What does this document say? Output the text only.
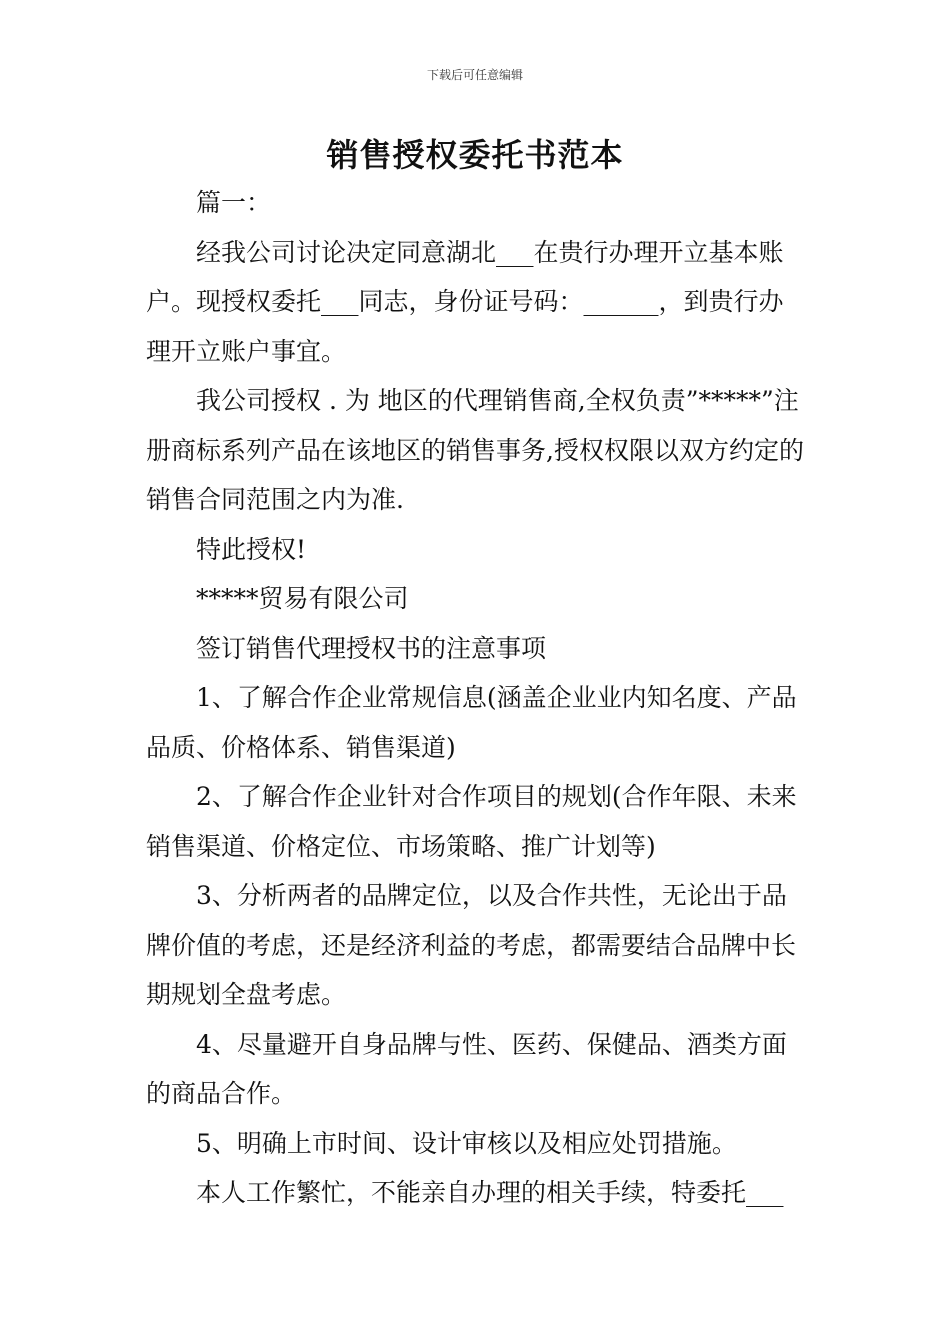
下载后可任意编辑
销售授权委托书范本

篇一：

经我公司讨论决定同意湖北___在贵行办理开立基本账户。现授权委托___同志，身份证号码：______，到贵行办理开立账户事宜。

我公司授权 . 为 地区的代理销售商,全权负责”*****”注册商标系列产品在该地区的销售事务,授权权限以双方约定的销售合同范围之内为准.

特此授权!

*****贸易有限公司

签订销售代理授权书的注意事项

1、了解合作企业常规信息(涵盖企业业内知名度、产品品质、价格体系、销售渠道)

2、了解合作企业针对合作项目的规划(合作年限、未来销售渠道、价格定位、市场策略、推广计划等)

3、分析两者的品牌定位，以及合作共性，无论出于品牌价值的考虑，还是经济利益的考虑，都需要结合品牌中长期规划全盘考虑。

4、尽量避开自身品牌与性、医药、保健品、酒类方面的商品合作。

5、明确上市时间、设计审核以及相应处罚措施。

本人工作繁忙，不能亲自办理的相关手续，特委托___
